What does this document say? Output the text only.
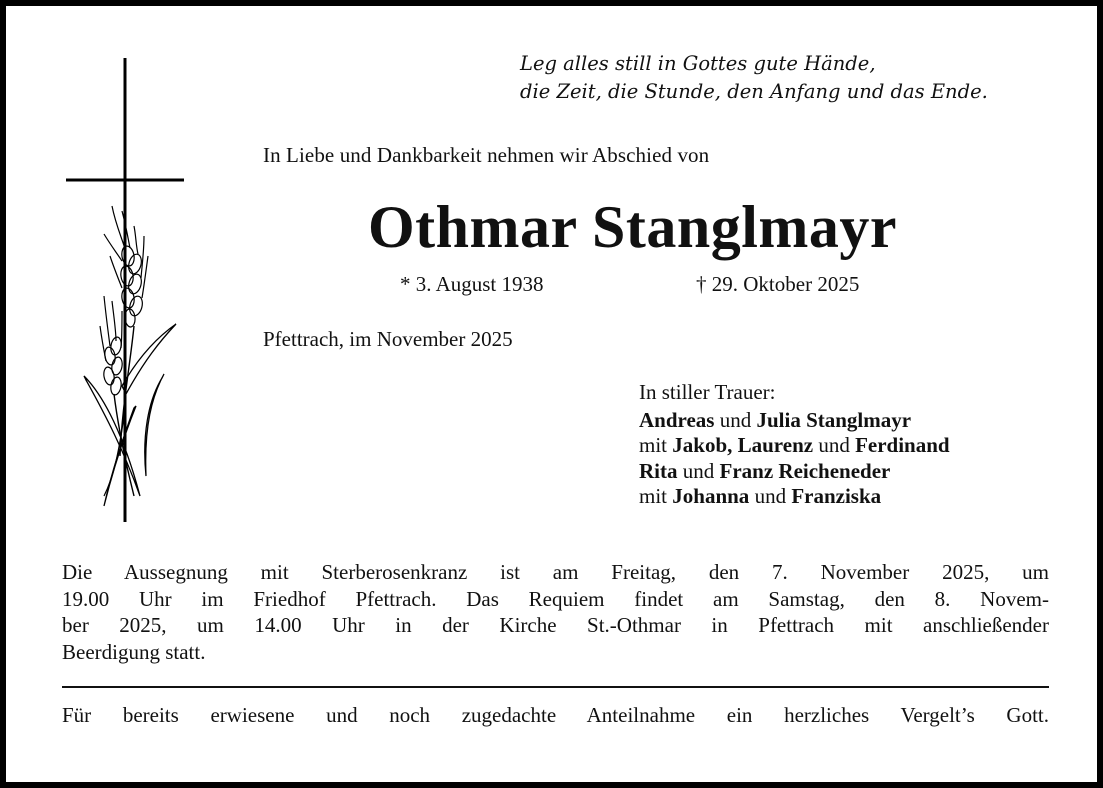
Leg alles still in Gottes gute Hände,
die Zeit, die Stunde, den Anfang und das Ende.
In Liebe und Dankbarkeit nehmen wir Abschied von
Othmar Stanglmayr
* 3. August 1938	† 29. Oktober 2025
Pfettrach, im November 2025
In stiller Trauer:
Andreas und Julia Stanglmayr
mit Jakob, Laurenz und Ferdinand
Rita und Franz Reicheneder
mit Johanna und Franziska
Die Aussegnung mit Sterberosenkranz ist am Freitag, den 7. November 2025, um
19.00 Uhr im Friedhof Pfettrach. Das Requiem findet am Samstag, den 8. Novem-
ber 2025, um 14.00 Uhr in der Kirche St.-Othmar in Pfettrach mit anschließender
Beerdigung statt.
Für bereits erwiesene und noch zugedachte Anteilnahme ein herzliches Vergelt’s Gott.
